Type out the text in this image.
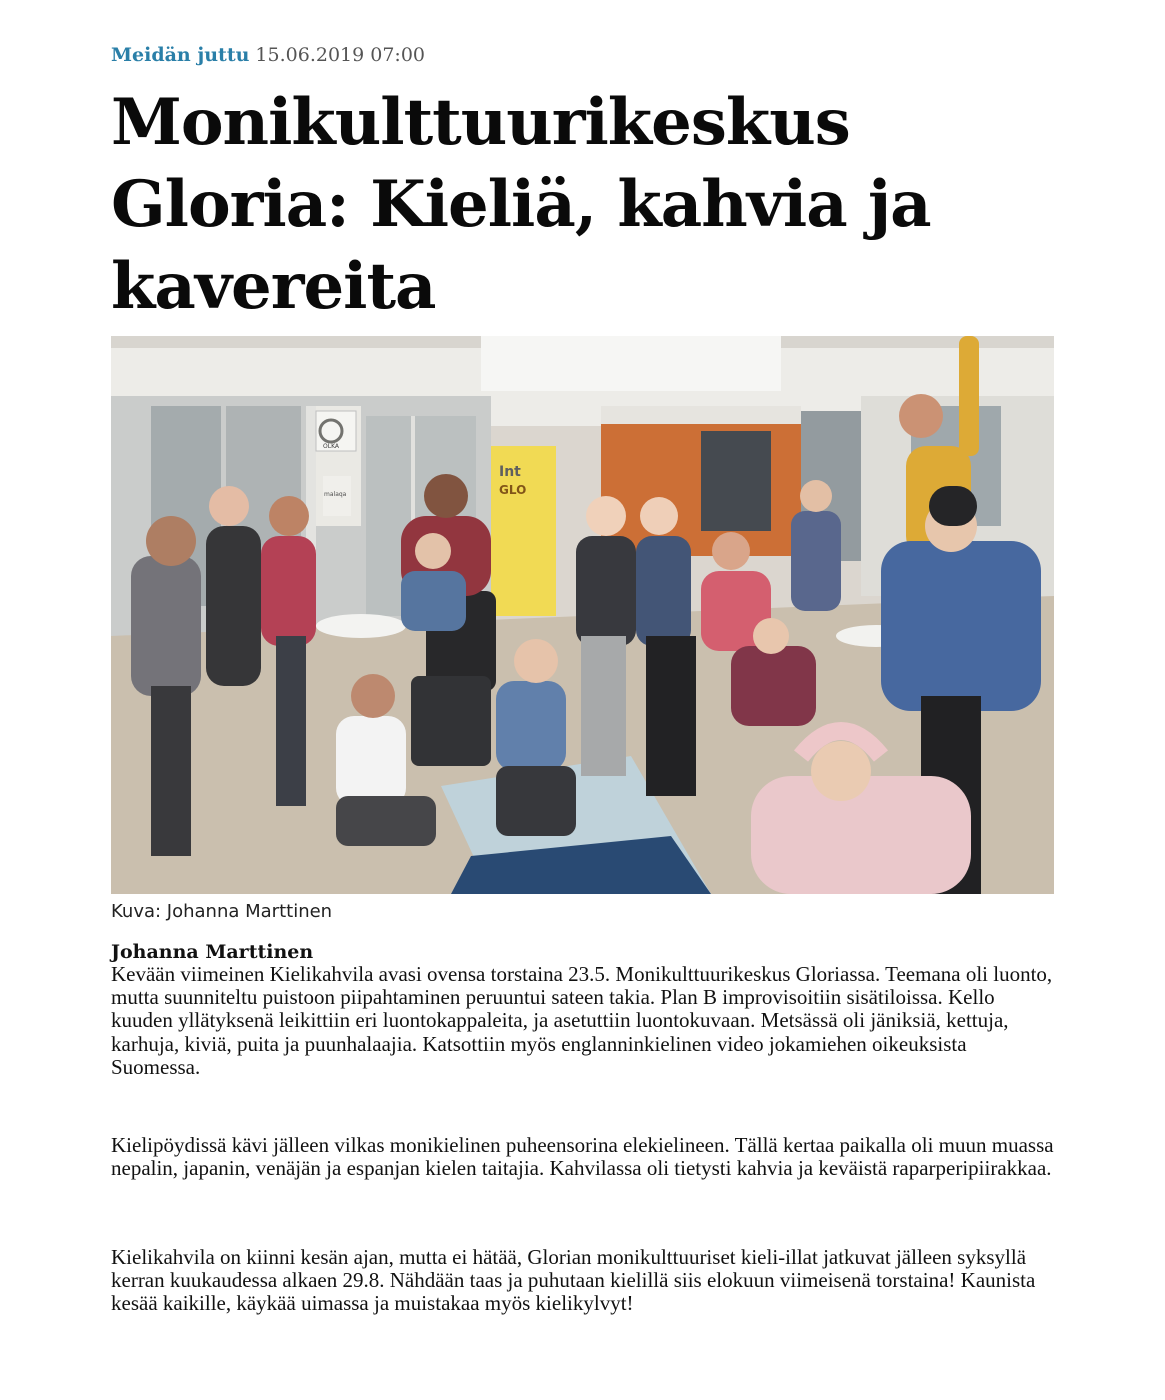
Meidän juttu 15.06.2019 07:00
Monikulttuurikeskus Gloria: Kieliä, kahvia ja kavereita
OLKA
malaqa
Int
GLO
Kuva: Johanna Marttinen
Johanna Marttinen

Kevään viimeinen Kielikahvila avasi ovensa torstaina 23.5. Monikulttuurikeskus Gloriassa. Teemana oli luonto, mutta suunniteltu puistoon piipahtaminen peruuntui sateen takia. Plan B improvisoitiin sisätiloissa. Kello kuuden yllätyksenä leikittiin eri luontokappaleita, ja asetuttiin luontokuvaan. Metsässä oli jäniksiä, kettuja, karhuja, kiviä, puita ja puunhalaajia. Katsottiin myös englanninkielinen video jokamiehen oikeuksista Suomessa.

Kielipöydissä kävi jälleen vilkas monikielinen puheensorina elekielineen. Tällä kertaa paikalla oli muun muassa nepalin, japanin, venäjän ja espanjan kielen taitajia. Kahvilassa oli tietysti kahvia ja keväistä raparperipiirakkaa.

Kielikahvila on kiinni kesän ajan, mutta ei hätää, Glorian monikulttuuriset kieli-illat jatkuvat jälleen syksyllä kerran kuukaudessa alkaen 29.8. Nähdään taas ja puhutaan kielillä siis elokuun viimeisenä torstaina! Kaunista kesää kaikille, käykää uimassa ja muistakaa myös kielikylvyt!
